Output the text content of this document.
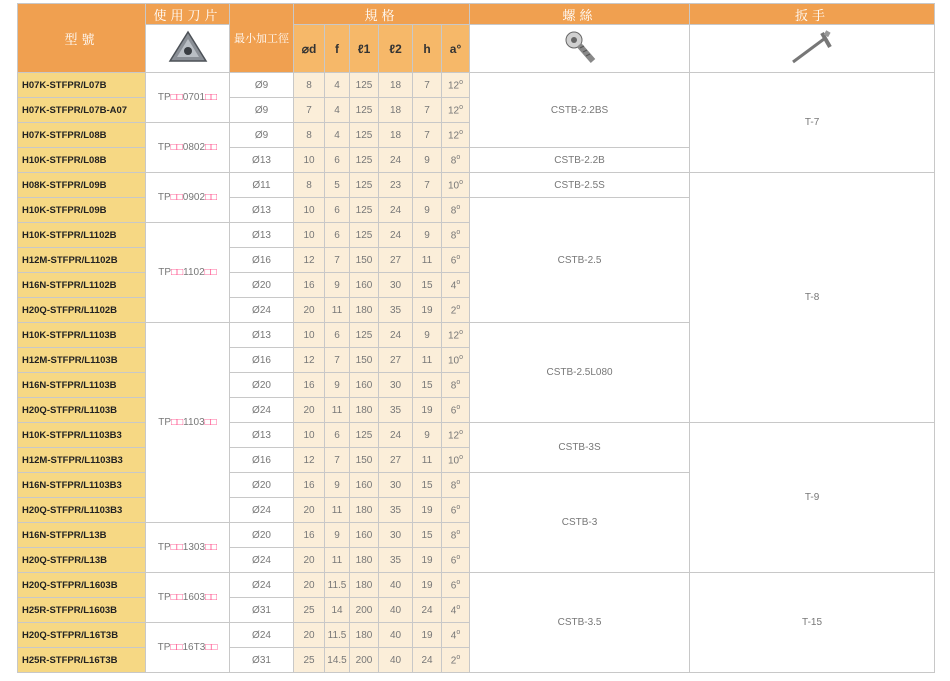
型號	使用刀片	最小加工徑	規格						螺絲	扳手
	⌀d	f	ℓ1	ℓ2	h	a°		
H07K-STFPR/L07B	TP□□0701□□	Ø9	8	4	125	18	7	12$^o$	CSTB-2.2BS	T-7
H07K-STFPR/L07B-A07		Ø9	7	4	125	18	7	12$^o$
H07K-STFPR/L08B	TP□□0802□□	Ø9	8	4	125	18	7	12$^o$
H10K-STFPR/L08B		Ø13	10	6	125	24	9	8$^o$	CSTB-2.2B	
H08K-STFPR/L09B	TP□□0902□□	Ø11	8	5	125	23	7	10$^o$	CSTB-2.5S	T-8
H10K-STFPR/L09B		Ø13	10	6	125	24	9	8$^o$	CSTB-2.5	
H10K-STFPR/L1102B	TP□□1102□□	Ø13	10	6	125	24	9	8$^o$
H12M-STFPR/L1102B		Ø16	12	7	150	27	11	6$^o$
H16N-STFPR/L1102B		Ø20	16	9	160	30	15	4$^o$
H20Q-STFPR/L1102B		Ø24	20	11	180	35	19	2$^o$
H10K-STFPR/L1103B	TP□□1103□□	Ø13	10	6	125	24	9	12$^o$	CSTB-2.5L080	
H12M-STFPR/L1103B		Ø16	12	7	150	27	11	10$^o$
H16N-STFPR/L1103B		Ø20	16	9	160	30	15	8$^o$
H20Q-STFPR/L1103B		Ø24	20	11	180	35	19	6$^o$
H10K-STFPR/L1103B3		Ø13	10	6	125	24	9	12$^o$	CSTB-3S	T-9
H12M-STFPR/L1103B3		Ø16	12	7	150	27	11	10$^o$
H16N-STFPR/L1103B3		Ø20	16	9	160	30	15	8$^o$	CSTB-3	
H20Q-STFPR/L1103B3		Ø24	20	11	180	35	19	6$^o$
H16N-STFPR/L13B	TP□□1303□□	Ø20	16	9	160	30	15	8$^o$
H20Q-STFPR/L13B		Ø24	20	11	180	35	19	6$^o$
H20Q-STFPR/L1603B	TP□□1603□□	Ø24	20	11.5	180	40	19	6$^o$	CSTB-3.5	T-15
H25R-STFPR/L1603B		Ø31	25	14	200	40	24	4$^o$
H20Q-STFPR/L16T3B	TP□□16T3□□	Ø24	20	11.5	180	40	19	4$^o$
H25R-STFPR/L16T3B		Ø31	25	14.5	200	40	24	2$^o$
